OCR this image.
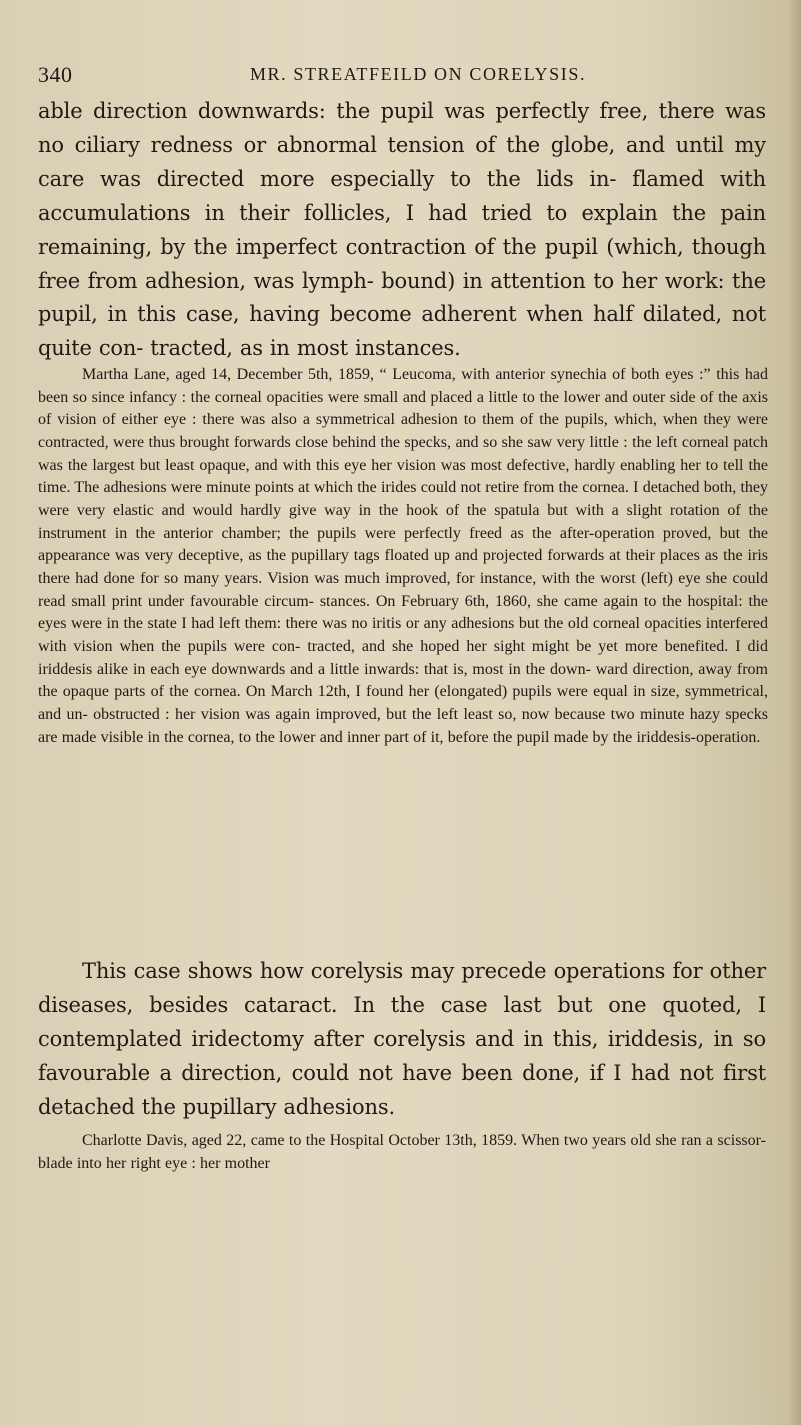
340	MR. STREATFEILD ON CORELYSIS.

able direction downwards: the pupil was perfectly free, there was no ciliary redness or abnormal tension of the globe, and until my care was directed more especially to the lids in- flamed with accumulations in their follicles, I had tried to explain the pain remaining, by the imperfect contraction of the pupil (which, though free from adhesion, was lymph- bound) in attention to her work: the pupil, in this case, having become adherent when half dilated, not quite con- tracted, as in most instances.

Martha Lane, aged 14, December 5th, 1859, “ Leucoma, with anterior synechia of both eyes :” this had been so since infancy : the corneal opacities were small and placed a little to the lower and outer side of the axis of vision of either eye : there was also a symmetrical adhesion to them of the pupils, which, when they were contracted, were thus brought forwards close behind the specks, and so she saw very little : the left corneal patch was the largest but least opaque, and with this eye her vision was most defective, hardly enabling her to tell the time. The adhesions were minute points at which the irides could not retire from the cornea. I detached both, they were very elastic and would hardly give way in the hook of the spatula but with a slight rotation of the instrument in the anterior chamber; the pupils were perfectly freed as the after-operation proved, but the appearance was very deceptive, as the pupillary tags floated up and projected forwards at their places as the iris there had done for so many years. Vision was much improved, for instance, with the worst (left) eye she could read small print under favourable circum- stances. On February 6th, 1860, she came again to the hospital: the eyes were in the state I had left them: there was no iritis or any adhesions but the old corneal opacities interfered with vision when the pupils were con- tracted, and she hoped her sight might be yet more benefited. I did iriddesis alike in each eye downwards and a little inwards: that is, most in the down- ward direction, away from the opaque parts of the cornea. On March 12th, I found her (elongated) pupils were equal in size, symmetrical, and un- obstructed : her vision was again improved, but the left least so, now because two minute hazy specks are made visible in the cornea, to the lower and inner part of it, before the pupil made by the iriddesis-operation.

This case shows how corelysis may precede operations for other diseases, besides cataract. In the case last but one quoted, I contemplated iridectomy after corelysis and in this, iriddesis, in so favourable a direction, could not have been done, if I had not first detached the pupillary adhesions.

Charlotte Davis, aged 22, came to the Hospital October 13th, 1859. When two years old she ran a scissor-blade into her right eye : her mother
